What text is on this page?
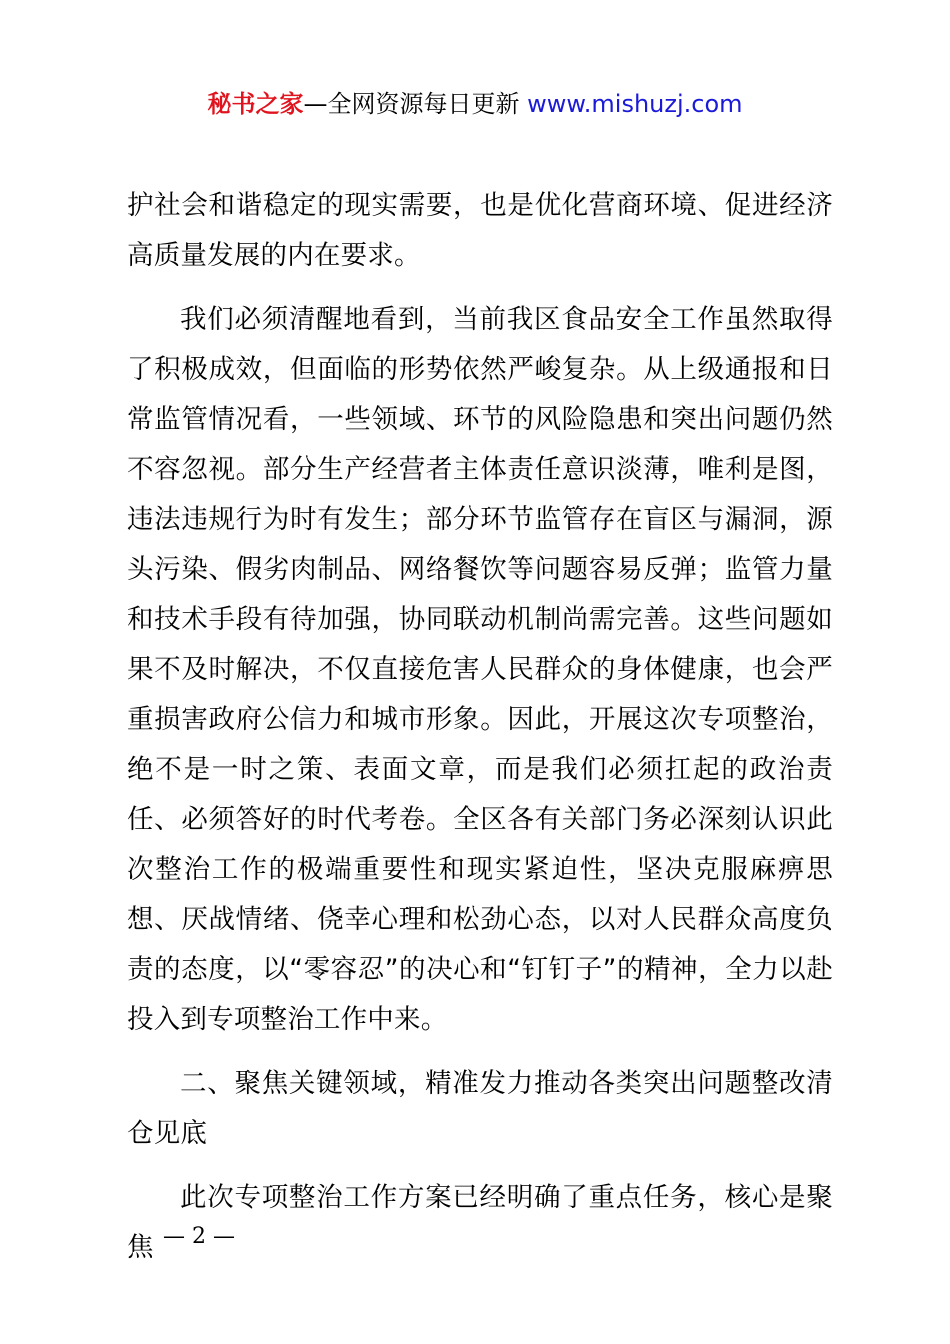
秘书之家—全网资源每日更新 www.mishuzj.com

护社会和谐稳定的现实需要，也是优化营商环境、促进经济高质量发展的内在要求。

我们必须清醒地看到，当前我区食品安全工作虽然取得了积极成效，但面临的形势依然严峻复杂。从上级通报和日常监管情况看，一些领域、环节的风险隐患和突出问题仍然不容忽视。部分生产经营者主体责任意识淡薄，唯利是图，违法违规行为时有发生；部分环节监管存在盲区与漏洞，源头污染、假劣肉制品、网络餐饮等问题容易反弹；监管力量和技术手段有待加强，协同联动机制尚需完善。这些问题如果不及时解决，不仅直接危害人民群众的身体健康，也会严重损害政府公信力和城市形象。因此，开展这次专项整治，绝不是一时之策、表面文章，而是我们必须扛起的政治责任、必须答好的时代考卷。全区各有关部门务必深刻认识此次整治工作的极端重要性和现实紧迫性，坚决克服麻痹思想、厌战情绪、侥幸心理和松劲心态，以对人民群众高度负责的态度，以“零容忍”的决心和“钉钉子”的精神，全力以赴投入到专项整治工作中来。

二、聚焦关键领域，精准发力推动各类突出问题整改清仓见底

此次专项整治工作方案已经明确了重点任务，核心是聚焦 — 2 —
